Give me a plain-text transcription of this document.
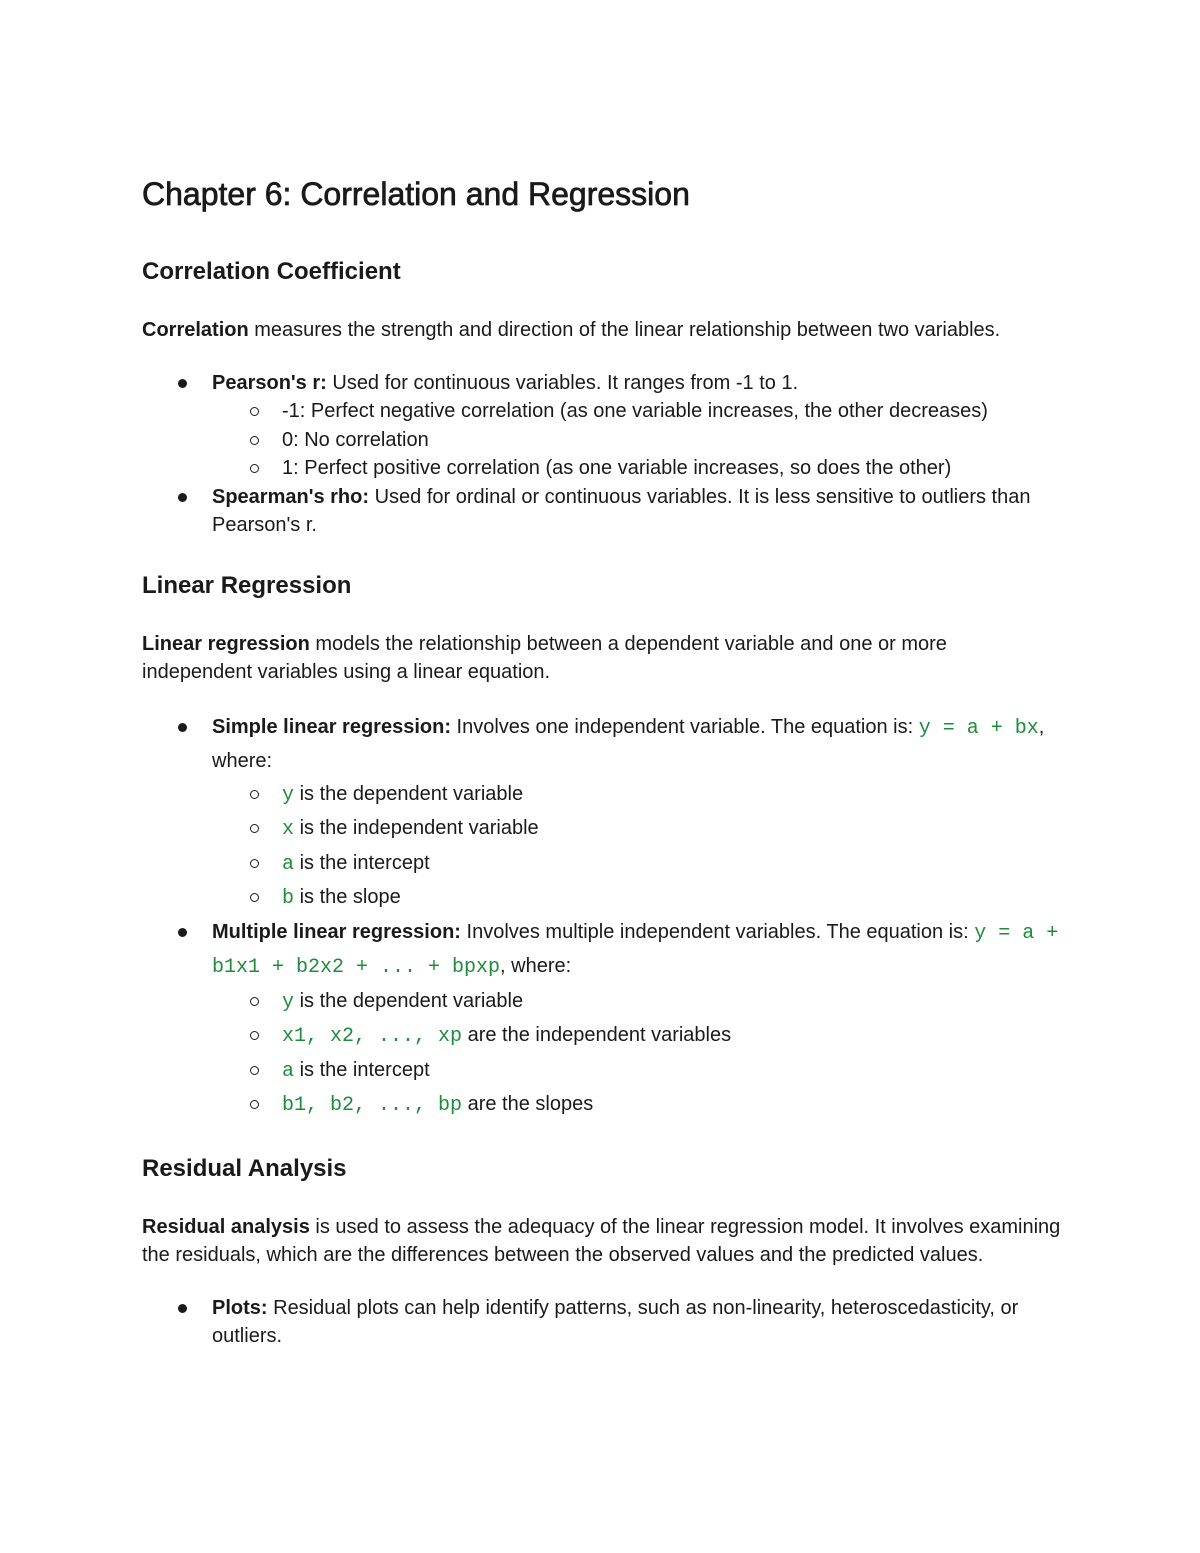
Chapter 6: Correlation and Regression
Correlation Coefficient

Correlation measures the strength and direction of the linear relationship between two variables.

Pearson's r: Used for continuous variables. It ranges from -1 to 1.
-1: Perfect negative correlation (as one variable increases, the other decreases)
0: No correlation
1: Perfect positive correlation (as one variable increases, so does the other)
Spearman's rho: Used for ordinal or continuous variables. It is less sensitive to outliers than Pearson's r.
Linear Regression

Linear regression models the relationship between a dependent variable and one or more independent variables using a linear equation.

Simple linear regression: Involves one independent variable. The equation is: y = a + bx, where:
y is the dependent variable
x is the independent variable
a is the intercept
b is the slope
Multiple linear regression: Involves multiple independent variables. The equation is: y = a + b1x1 + b2x2 + ... + bpxp, where:
y is the dependent variable
x1, x2, ..., xp are the independent variables
a is the intercept
b1, b2, ..., bp are the slopes
Residual Analysis

Residual analysis is used to assess the adequacy of the linear regression model. It involves examining the residuals, which are the differences between the observed values and the predicted values.

Plots: Residual plots can help identify patterns, such as non-linearity, heteroscedasticity, or outliers.
